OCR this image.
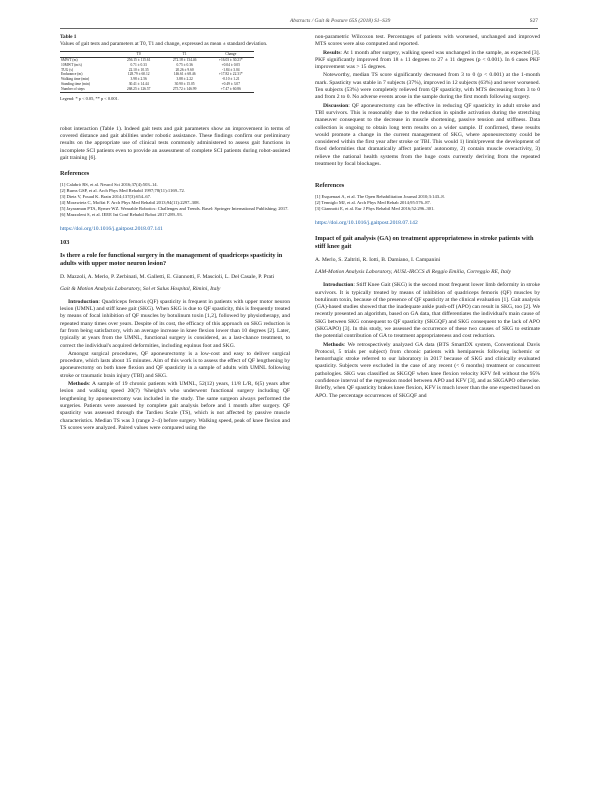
Abstracts / Gait & Posture 65S (2018) S1–S39	S27
Table 1
Values of gait tests and parameters at T0, T1 and change, expressed as mean ± standard deviation.
	T0	T1	Change
6MWT (m)	256.15 ± 115.61	272.18 ± 134.46	+16.03 ± 30.21*
10MWT (m/s)	0.71 ± 0.33	0.75 ± 0.36	+0.04 ± 0.05
TUG (s)	22.10 ± 10.35	20.26 ± 9.60	-1.84 ± 3.04
Endurance (m)	128.79 ± 60.12	146.61 ± 68.46	+17.82 ± 22.31*
Walking time (min)	3.98 ± 2.56	3.88 ± 2.22	-0.10 ± 1.21
Standing time (min)	30.41 ± 14.44	30.90 ± 15.05	+0.49 ± 3.07
Number of steps	268.25 ± 126.57	275.72 ± 146.99	+7.47 ± 60.86
Legend: * p < 0.05, ** p < 0.001.

robot interaction (Table 1). Indeed gait tests and gait parameters show an improvement in terms of covered distance and gait abilities under robotic assistance. These findings confirm our preliminary results on the appropriate use of clinical tests commonly administered to assess gait functions in incomplete SCI patients even to provide an assessment of complete SCI patients during robot-assisted gait training [6].

References

[1] Calabrò RS, et al. Neurol Sci 2016;37(4):503–14.

[2] Burns GSP, et al. Arch Phys Med Rehabil 1997;78(11):1169–72.

[3] Dietz V, Fouad K. Brain 2014;137(3):654–67.

[4] Morawietz C, Moffat F. Arch Phys Med Rehabil 2013;94(11):2297–308.

[5] Jayaraman PTA, Rymer WZ. Wearable Robotics: Challenges and Trends. Basel: Springer International Publishing; 2017.

[6] Mazzoleni S, et al. IEEE Int Conf Rehabil Robot 2017:289–93.

https://doi.org/10.1016/j.gaitpost.2018.07.141
103
Is there a role for functional surgery in the management of quadriceps spasticity in adults with upper motor neuron lesion?
D. Mazzoli, A. Merlo, P. Zerbinati, M. Galletti, E. Giannotti, F. Mascioli, L. Del Casale, P. Prati
Gait & Motion Analysis Laboratory, Sol et Salus Hospital, Rimini, Italy

Introduction: Quadriceps femoris (QF) spasticity is frequent in patients with upper motor neuron lesion (UMNL) and stiff knee gait (SKG). When SKG is due to QF spasticity, this is frequently treated by means of focal inhibition of QF muscles by botulinum toxin [1,2], followed by physiotherapy, and repeated many times over years. Despite of its cost, the efficacy of this approach on SKG reduction is far from being satisfactory, with an average increase in knee flexion lower than 10 degrees [2]. Later, typically at years from the UMNL, functional surgery is considered, as a last-chance treatment, to correct the individual's acquired deformities, including equinus foot and SKG.

Amongst surgical procedures, QF aponeurectomy is a low-cost and easy to deliver surgical procedure, which lasts about 15 minutes. Aim of this work is to assess the effect of QF lengthening by aponeurectomy on both knee flexion and QF spasticity in a sample of adults with UMNL following stroke or traumatic brain injury (TBI) and SKG.

Methods: A sample of 19 chronic patients with UMNL, 52(12) years, 11/8 L/R, 6(5) years after lesion and walking speed 20(7) %height/s who underwent functional surgery including QF lengthening by aponeurectomy was included in the study. The same surgeon always performed the surgeries. Patients were assessed by complete gait analysis before and 1 month after surgery. QF spasticity was assessed through the Tardieu Scale (TS), which is not affected by passive muscle characteristics. Median TS was 3 (range 2–4) before surgery. Walking speed, peak of knee flexion and TS scores were analyzed. Paired values were compared using the

non-parametric Wilcoxon test. Percentages of patients with worsened, unchanged and improved MTS scores were also computed and reported.

Results: At 1 month after surgery, walking speed was unchanged in the sample, as expected [3]. PKF significantly improved from 18 ± 11 degrees to 27 ± 11 degrees (p < 0.001). In 6 cases PKF improvement was > 15 degrees.

Noteworthy, median TS score significantly decreased from 3 to 0 (p < 0.001) at the 1-month mark. Spasticity was stable in 7 subjects (37%), improved in 12 subjects (63%) and never worsened. Ten subjects (53%) were completely relieved from QF spasticity, with MTS decreasing from 3 to 0 and from 2 to 0. No adverse events arose in the sample during the first month following surgery.

Discussion: QF aponeurectomy can be effective in reducing QF spasticity in adult stroke and TBI survivors. This is reasonably due to the reduction in spindle activation during the stretching maneuver consequent to the decrease in muscle shortening, passive tension and stiffness. Data collection is ongoing to obtain long term results on a wider sample. If confirmed, these results would promote a change in the current management of SKG, where aponeurectomy could be considered within the first year after stroke or TBI. This would 1) limit/prevent the development of fixed deformities that dramatically affect patients' autonomy, 2) contain muscle overactivity, 3) relieve the national health systems from the huge costs currently deriving from the repeated treatment by focal blockages.

References

[1] Esquenazi A, et al. The Open Rehabilitation Journal 2010;3:143–8.

[2] Tenniglo MJ, et al. Arch Phys Med Rehab 2014;95:576–87.

[3] Giannotti E, et al. Eur J Phys Rehabil Med 2016;52:296–301.

https://doi.org/10.1016/j.gaitpost.2018.07.142
Impact of gait analysis (GA) on treatment appropriateness in stroke patients with stiff knee gait
A. Merlo, S. Zaltriti, R. Iotti, B. Damiano, I. Campanini
LAM-Motion Analysis Laboratory, AUSL-IRCCS di Reggio Emilia, Correggio RE, Italy

Introduction: Stiff Knee Gait (SKG) is the second most frequent lower limb deformity in stroke survivors. It is typically treated by means of inhibition of quadriceps femoris (QF) muscles by botulinum toxin, because of the presence of QF spasticity at the clinical evaluation [1]. Gait analysis (GA)-based studies showed that the inadequate ankle push-off (APO) can result in SKG, too [2]. We recently presented an algorithm, based on GA data, that differentiates the individual's main cause of SKG between SKG consequent to QF spasticity (SKGQF) and SKG consequent to the lack of APO (SKGAPO) [3]. In this study, we assessed the occurrence of these two causes of SKG to estimate the potential contribution of GA to treatment appropriateness and cost reduction.

Methods: We retrospectively analyzed GA data (BTS SmartDX system, Conventional Davis Protocol, 5 trials per subject) from chronic patients with hemiparesis following ischemic or hemorrhagic stroke referred to our laboratory in 2017 because of SKG and clinically evaluated spasticity. Subjects were excluded in the case of any recent (< 6 months) treatment or concurrent pathologies. SKG was classified as SKGQF when knee flexion velocity KFV fell without the 95% confidence interval of the regression model between APO and KFV [3], and as SKGAPO otherwise. Briefly, when QF spasticity brakes knee flexion, KFV is much lower than the one expected based on APO. The percentage occurrences of SKGQF and
